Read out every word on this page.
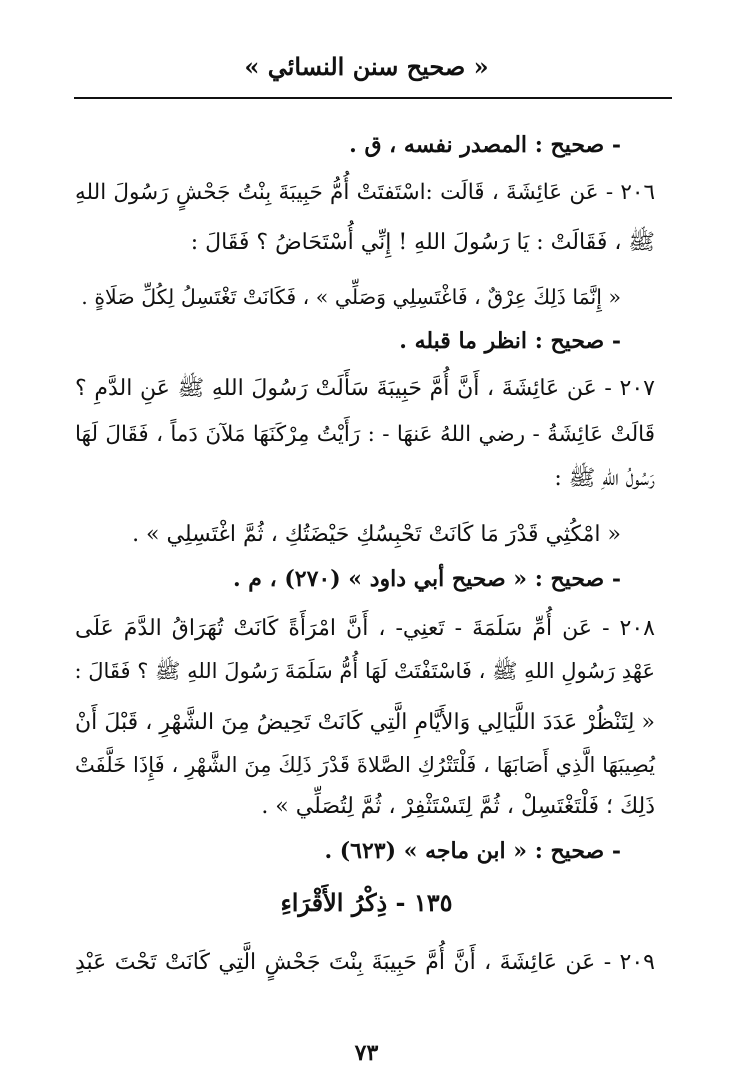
« صحيح سنن النسائي »
- صحيح : المصدر نفسه ، ق .
٢٠٦ - عَن عَائِشَةَ ، قَالَت :اسْتَفتَتْ أُمُّ حَبِيبَةَ بِنْتُ جَحْشٍ رَسُولَ اللهِ
ﷺ ، فَقَالَتْ : يَا رَسُولَ اللهِ ! إِنِّي أُسْتَحَاضُ ؟ فَقَالَ :
« إِنَّمَا ذَلِكَ عِرْقٌ ، فَاغْتَسِلِي وَصَلِّي » ، فَكَانَتْ تَغْتَسِلُ لِكُلِّ صَلَاةٍ .
- صحيح : انظر ما قبله .
٢٠٧ - عَن عَائِشَةَ ، أَنَّ أُمَّ حَبِيبَةَ سَأَلَتْ رَسُولَ اللهِ ﷺ عَنِ الدَّمِ ؟
قَالَتْ عَائِشَةُ - رضي اللهُ عَنهَا - : رَأَيْتُ مِرْكَنَهَا مَلآنَ دَماً ، فَقَالَ لَهَا
رَسُولُ اللهِ ﷺ :
« امْكُثِي قَدْرَ مَا كَانَتْ تَحْبِسُكِ حَيْضَتُكِ ، ثُمَّ اغْتَسِلِي » .
- صحيح : « صحيح أبي داود » (٢٧٠) ، م .
٢٠٨ - عَن أُمِّ سَلَمَةَ - تَعنِي- ، أَنَّ امْرَأَةً كَانَتْ تُهَرَاقُ الدَّمَ عَلَى
عَهْدِ رَسُولِ اللهِ ﷺ ، فَاسْتَفْتَتْ لَهَا أُمُّ سَلَمَةَ رَسُولَ اللهِ ﷺ ؟ فَقَالَ :
« لِتَنْظُرْ عَدَدَ اللَّيَالِي وَالأَيَّامِ الَّتِي كَانَتْ تَحِيضُ مِنَ الشَّهْرِ ، قَبْلَ أَنْ
يُصِيبَهَا الَّذِي أَصَابَهَا ، فَلْتَتْرُكِ الصَّلاةَ قَدْرَ ذَلِكَ مِنَ الشَّهْرِ ، فَإِذَا خَلَّفَتْ
ذَلِكَ ؛ فَلْتَغْتَسِلْ ، ثُمَّ لِتَسْتَثْفِرْ ، ثُمَّ لِتُصَلِّي » .
- صحيح : « ابن ماجه » (٦٢٣) .
١٣٥ - ذِكْرُ الأَقْرَاءِ
٢٠٩ - عَن عَائِشَةَ ، أَنَّ أُمَّ حَبِيبَةَ بِنْتَ جَحْشٍ الَّتِي كَانَتْ تَحْتَ عَبْدِ
٧٣
